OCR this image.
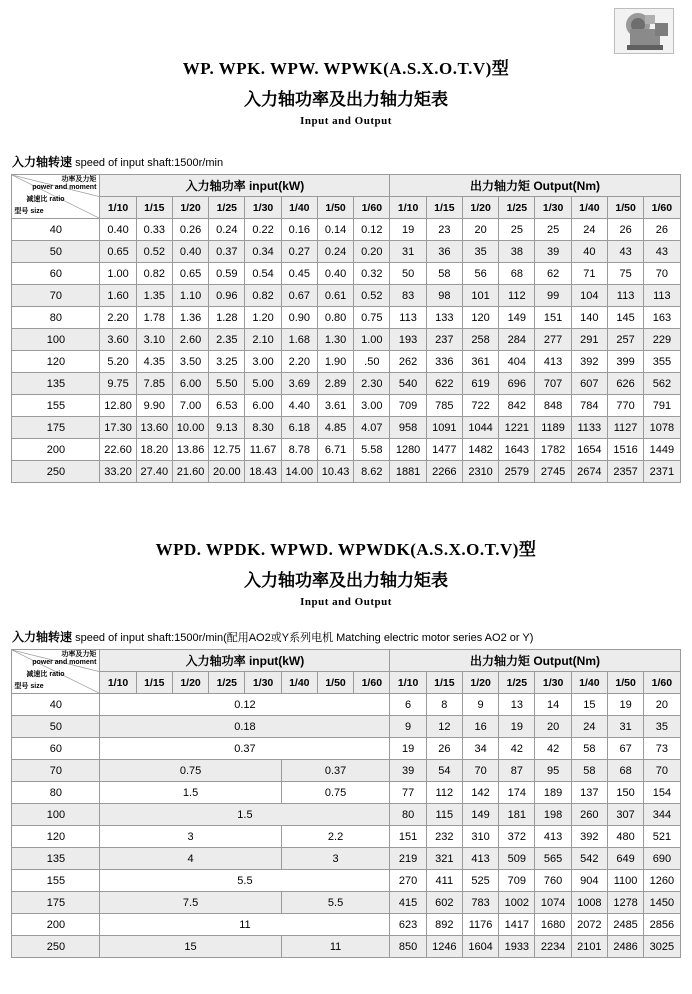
WP. WPK. WPW. WPWK(A.S.X.O.T.V)型
入力轴功率及出力轴力矩表
Input and Output
入力轴转速 speed of input shaft:1500r/min
功率及力矩
power and moment
减速比 ratio
型号 size	入力轴功率 input(kW)								出力轴力矩 Output(Nm)							
	1/10	1/15	1/20	1/25	1/30	1/40	1/50	1/60	1/10	1/15	1/20	1/25	1/30	1/40	1/50	1/60
40	0.40	0.33	0.26	0.24	0.22	0.16	0.14	0.12	19	23	20	25	25	24	26	26
50	0.65	0.52	0.40	0.37	0.34	0.27	0.24	0.20	31	36	35	38	39	40	43	43
60	1.00	0.82	0.65	0.59	0.54	0.45	0.40	0.32	50	58	56	68	62	71	75	70
70	1.60	1.35	1.10	0.96	0.82	0.67	0.61	0.52	83	98	101	112	99	104	113	113
80	2.20	1.78	1.36	1.28	1.20	0.90	0.80	0.75	113	133	120	149	151	140	145	163
100	3.60	3.10	2.60	2.35	2.10	1.68	1.30	1.00	193	237	258	284	277	291	257	229
120	5.20	4.35	3.50	3.25	3.00	2.20	1.90	.50	262	336	361	404	413	392	399	355
135	9.75	7.85	6.00	5.50	5.00	3.69	2.89	2.30	540	622	619	696	707	607	626	562
155	12.80	9.90	7.00	6.53	6.00	4.40	3.61	3.00	709	785	722	842	848	784	770	791
175	17.30	13.60	10.00	9.13	8.30	6.18	4.85	4.07	958	1091	1044	1221	1189	1133	1127	1078
200	22.60	18.20	13.86	12.75	11.67	8.78	6.71	5.58	1280	1477	1482	1643	1782	1654	1516	1449
250	33.20	27.40	21.60	20.00	18.43	14.00	10.43	8.62	1881	2266	2310	2579	2745	2674	2357	2371
WPD. WPDK. WPWD. WPWDK(A.S.X.O.T.V)型
入力轴功率及出力轴力矩表
Input and Output
入力轴转速 speed of input shaft:1500r/min(配用AO2或Y系列电机 Matching electric motor series AO2 or Y)
功率及力矩
power and moment
减速比 ratio
型号 size	入力轴功率 input(kW)								出力轴力矩 Output(Nm)							
	1/10	1/15	1/20	1/25	1/30	1/40	1/50	1/60	1/10	1/15	1/20	1/25	1/30	1/40	1/50	1/60
40	0.12								6	8	9	13	14	15	19	20
50	0.18								9	12	16	19	20	24	31	35
60	0.37								19	26	34	42	42	58	67	73
70	0.75					0.37			39	54	70	87	95	58	68	70
80	1.5					0.75			77	112	142	174	189	137	150	154
100	1.5								80	115	149	181	198	260	307	344
120	3					2.2			151	232	310	372	413	392	480	521
135	4					3			219	321	413	509	565	542	649	690
155	5.5								270	411	525	709	760	904	1100	1260
175	7.5					5.5			415	602	783	1002	1074	1008	1278	1450
200	11								623	892	1176	1417	1680	2072	2485	2856
250	15					11			850	1246	1604	1933	2234	2101	2486	3025
